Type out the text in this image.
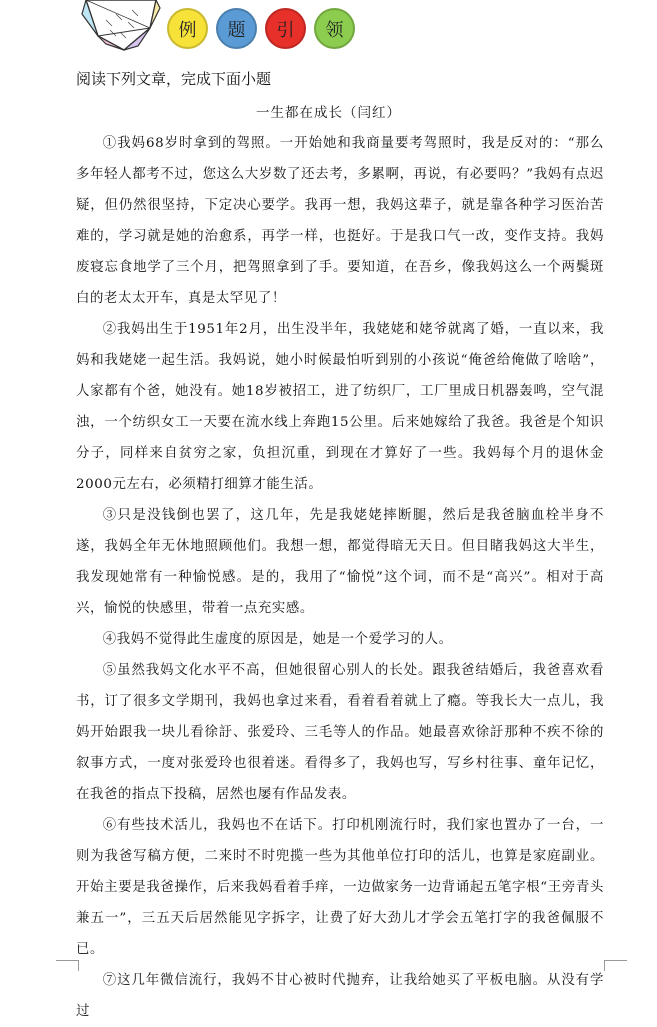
例 题 引 领
阅读下列文章，完成下面小题
一生都在成长（闫红）

①我妈68岁时拿到的驾照。一开始她和我商量要考驾照时，我是反对的：“那么多年轻人都考不过，您这么大岁数了还去考，多累啊，再说，有必要吗？”我妈有点迟疑，但仍然很坚持，下定决心要学。我再一想，我妈这辈子，就是靠各种学习医治苦难的，学习就是她的治愈系，再学一样，也挺好。于是我口气一改，变作支持。我妈废寝忘食地学了三个月，把驾照拿到了手。要知道，在吾乡，像我妈这么一个两鬓斑白的老太太开车，真是太罕见了！

②我妈出生于1951年2月，出生没半年，我姥姥和姥爷就离了婚，一直以来，我妈和我姥姥一起生活。我妈说，她小时候最怕听到别的小孩说“俺爸给俺做了啥啥”，人家都有个爸，她没有。她18岁被招工，进了纺织厂，工厂里成日机器轰鸣，空气混浊，一个纺织女工一天要在流水线上奔跑15公里。后来她嫁给了我爸。我爸是个知识分子，同样来自贫穷之家，负担沉重，到现在才算好了一些。我妈每个月的退休金2000元左右，必须精打细算才能生活。

③只是没钱倒也罢了，这几年，先是我姥姥摔断腿，然后是我爸脑血栓半身不遂，我妈全年无休地照顾他们。我想一想，都觉得暗无天日。但目睹我妈这大半生，我发现她常有一种愉悦感。是的，我用了“愉悦”这个词，而不是“高兴”。相对于高兴，愉悦的快感里，带着一点充实感。

④我妈不觉得此生虚度的原因是，她是一个爱学习的人。

⑤虽然我妈文化水平不高，但她很留心别人的长处。跟我爸结婚后，我爸喜欢看书，订了很多文学期刊，我妈也拿过来看，看着看着就上了瘾。等我长大一点儿，我妈开始跟我一块儿看徐訏、张爱玲、三毛等人的作品。她最喜欢徐訏那种不疾不徐的叙事方式，一度对张爱玲也很着迷。看得多了，我妈也写，写乡村往事、童年记忆，在我爸的指点下投稿，居然也屡有作品发表。

⑥有些技术活儿，我妈也不在话下。打印机刚流行时，我们家也置办了一台，一则为我爸写稿方便，二来时不时兜揽一些为其他单位打印的活儿，也算是家庭副业。开始主要是我爸操作，后来我妈看着手痒，一边做家务一边背诵起五笔字根“王旁青头兼五一”，三五天后居然能见字拆字，让费了好大劲儿才学会五笔打字的我爸佩服不已。

⑦这几年微信流行，我妈不甘心被时代抛弃，让我给她买了平板电脑。从没有学过
